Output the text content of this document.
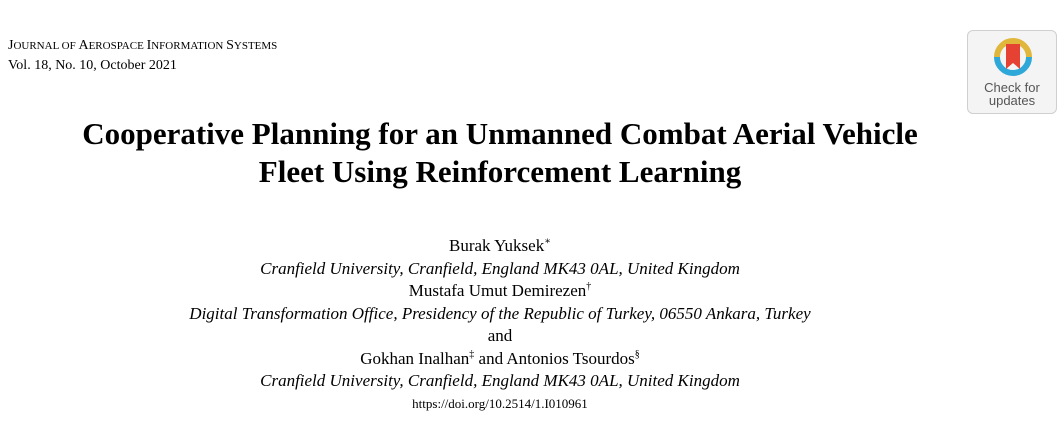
JOURNAL OF AEROSPACE INFORMATION SYSTEMS
Vol. 18, No. 10, October 2021
Check for
updates
Cooperative Planning for an Unmanned Combat Aerial Vehicle
Fleet Using Reinforcement Learning
Burak Yuksek∗
Cranfield University, Cranfield, England MK43 0AL, United Kingdom
Mustafa Umut Demirezen†
Digital Transformation Office, Presidency of the Republic of Turkey, 06550 Ankara, Turkey
and
Gokhan Inalhan‡ and Antonios Tsourdos§
Cranfield University, Cranfield, England MK43 0AL, United Kingdom
https://doi.org/10.2514/1.I010961
